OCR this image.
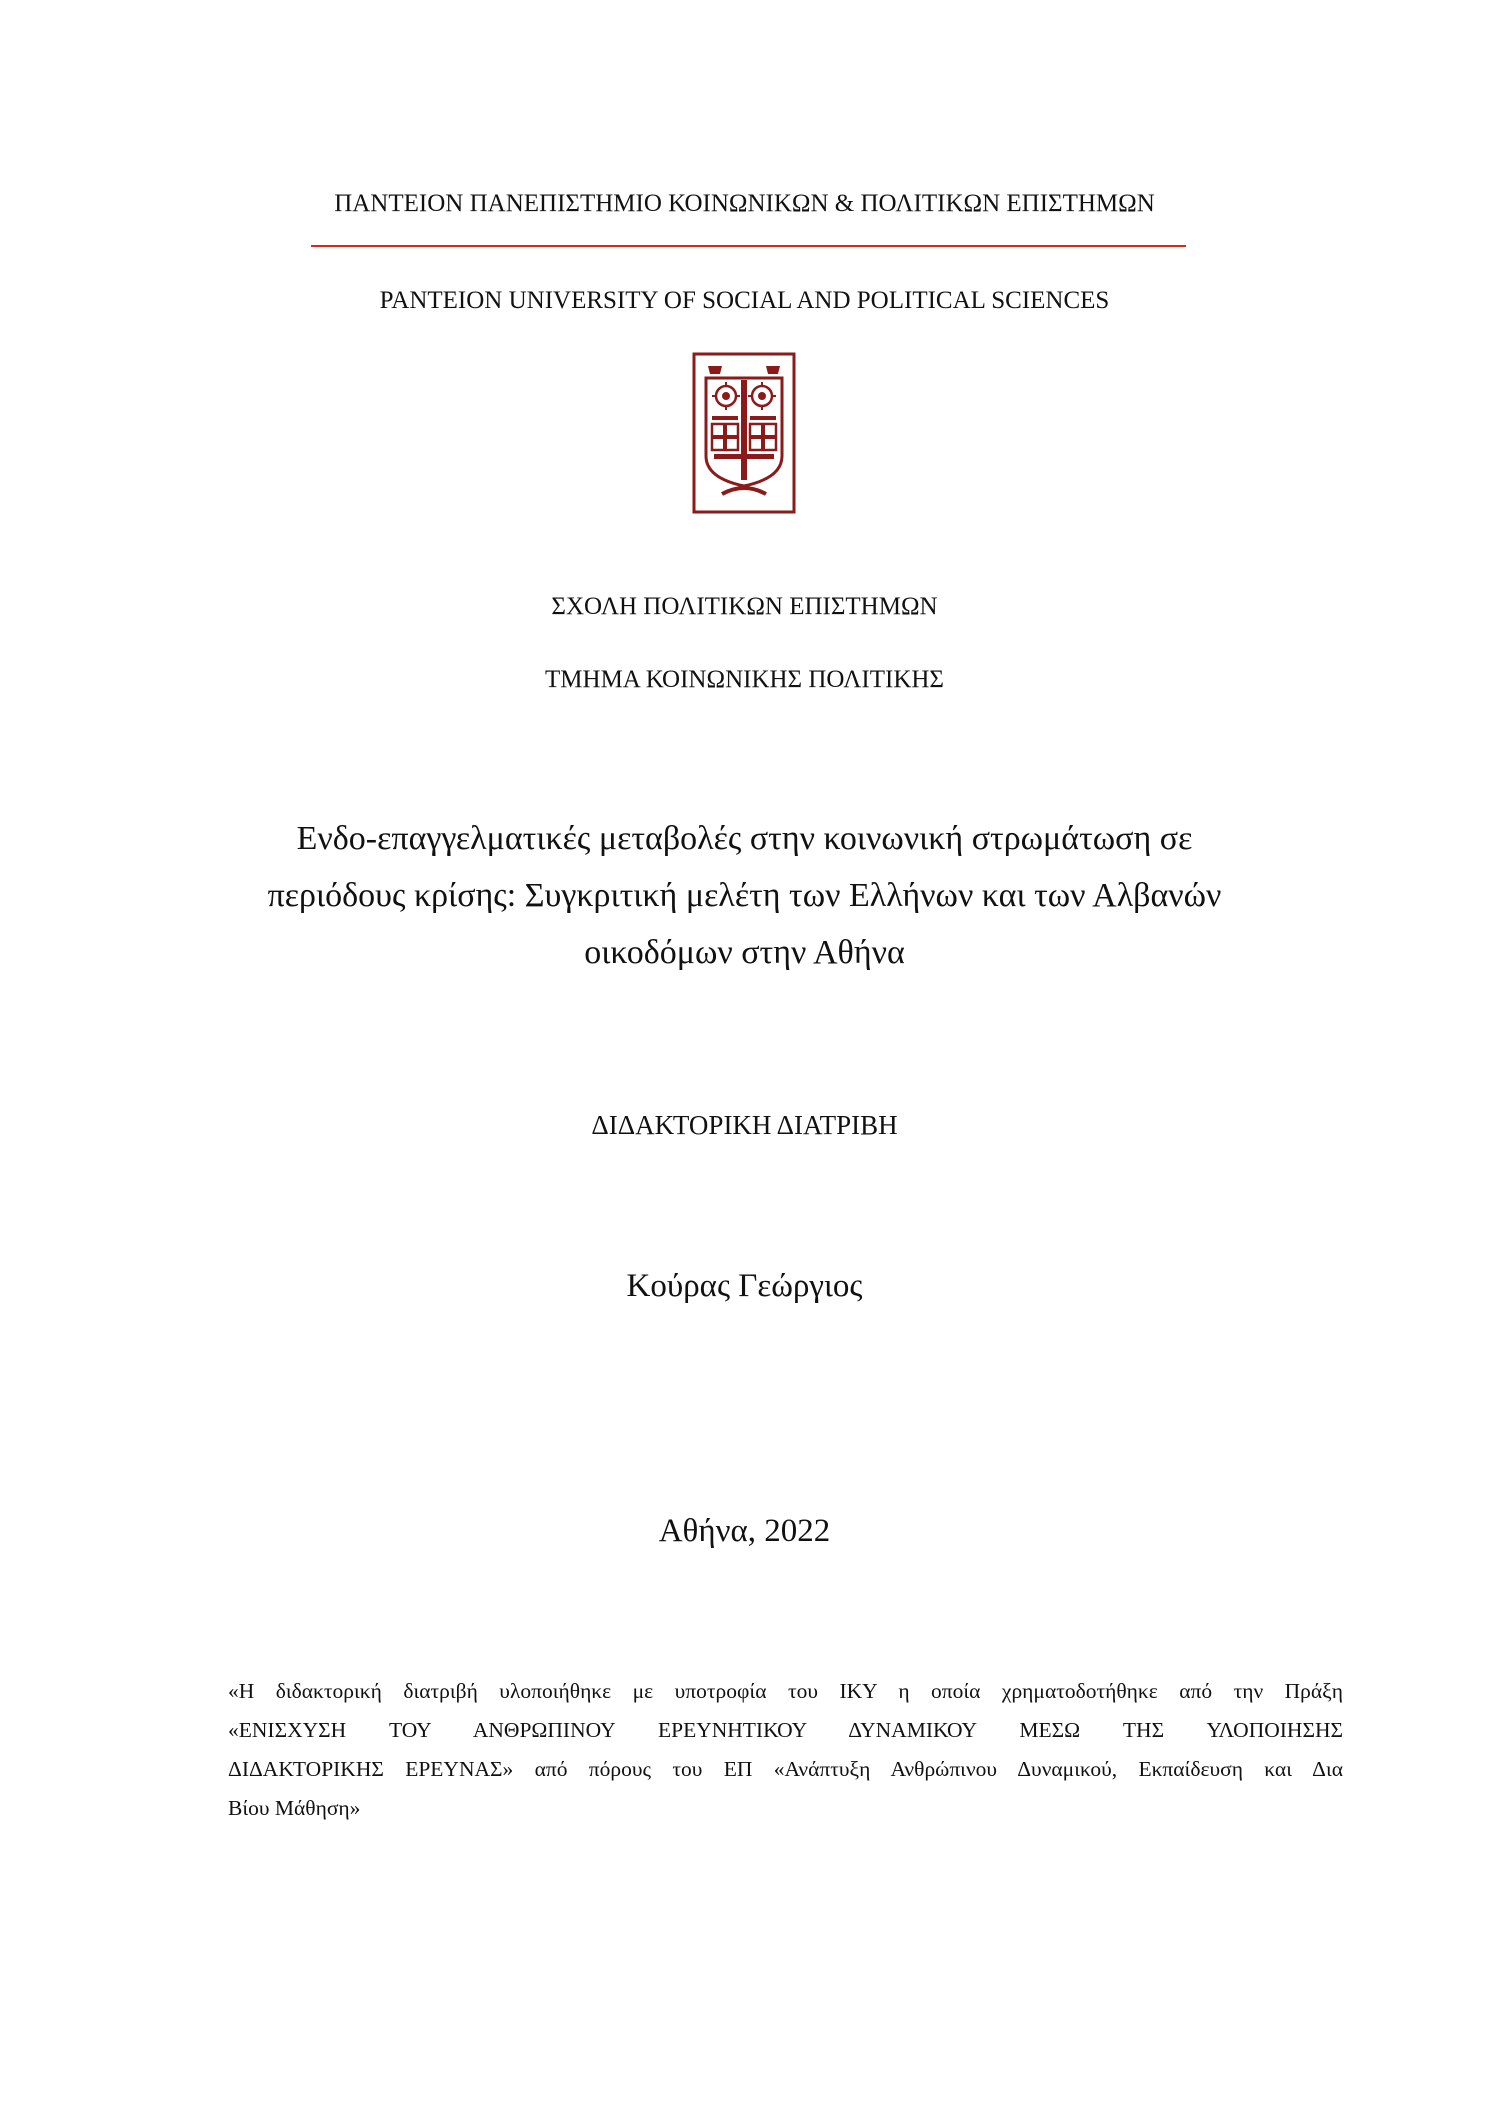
ΠΑΝΤΕΙΟΝ ΠΑΝΕΠΙΣΤΗΜΙΟ ΚΟΙΝΩΝΙΚΩΝ & ΠΟΛΙΤΙΚΩΝ ΕΠΙΣΤΗΜΩΝ
PANTEION UNIVERSITY OF SOCIAL AND POLITICAL SCIENCES
ΣΧΟΛΗ ΠΟΛΙΤΙΚΩΝ ΕΠΙΣΤΗΜΩΝ
ΤΜΗΜΑ ΚΟΙΝΩΝΙΚΗΣ ΠΟΛΙΤΙΚΗΣ
Ενδο-επαγγελματικές μεταβολές στην κοινωνική στρωμάτωση σε
περιόδους κρίσης: Συγκριτική μελέτη των Ελλήνων και των Αλβανών
οικοδόμων στην Αθήνα
ΔΙΔΑΚΤΟΡΙΚΗ ΔΙΑΤΡΙΒΗ
Κούρας Γεώργιος
Αθήνα, 2022
«Η διδακτορική διατριβή υλοποιήθηκε με υποτροφία του ΙΚΥ η οποία χρηματοδοτήθηκε από την Πράξη
«ΕΝΙΣΧΥΣΗ ΤΟΥ ΑΝΘΡΩΠΙΝΟΥ ΕΡΕΥΝΗΤΙΚΟΥ ΔΥΝΑΜΙΚΟΥ ΜΕΣΩ ΤΗΣ ΥΛΟΠΟΙΗΣΗΣ
ΔΙΔΑΚΤΟΡΙΚΗΣ ΕΡΕΥΝΑΣ» από πόρους του ΕΠ «Ανάπτυξη Ανθρώπινου Δυναμικού, Εκπαίδευση και Δια
Βίου Μάθηση»
